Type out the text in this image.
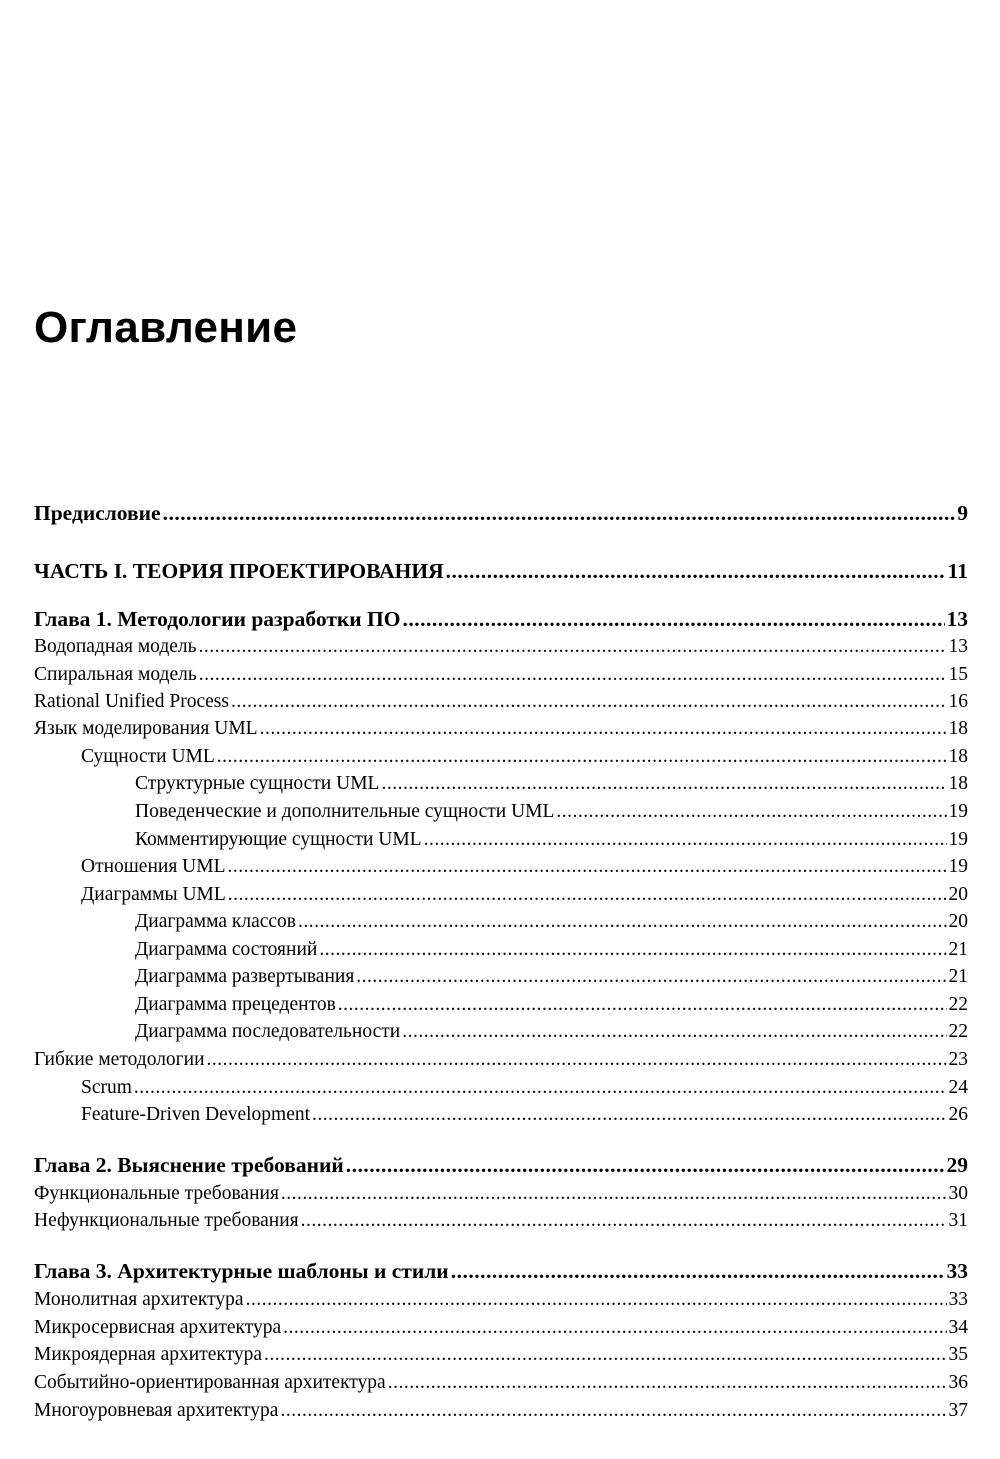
Оглавление
Предисловие .....	9
ЧАСТЬ I. ТЕОРИЯ ПРОЕКТИРОВАНИЯ .....	11
Глава 1. Методологии разработки ПО .....	13
Водопадная модель .....	13
Спиральная модель .....	15
Rational Unified Process .....	16
Язык моделирования UML .....	18
Сущности UML .....	18
Структурные сущности UML .....	18
Поведенческие и дополнительные сущности UML .....	19
Комментирующие сущности UML .....	19
Отношения UML .....	19
Диаграммы UML .....	20
Диаграмма классов .....	20
Диаграмма состояний .....	21
Диаграмма развертывания .....	21
Диаграмма прецедентов .....	22
Диаграмма последовательности .....	22
Гибкие методологии .....	23
Scrum .....	24
Feature-Driven Development .....	26
Глава 2. Выяснение требований .....	29
Функциональные требования .....	30
Нефункциональные требования .....	31
Глава 3. Архитектурные шаблоны и стили .....	33
Монолитная архитектура .....	33
Микросервисная архитектура .....	34
Микроядерная архитектура .....	35
Событийно-ориентированная архитектура .....	36
Многоуровневая архитектура .....	37
